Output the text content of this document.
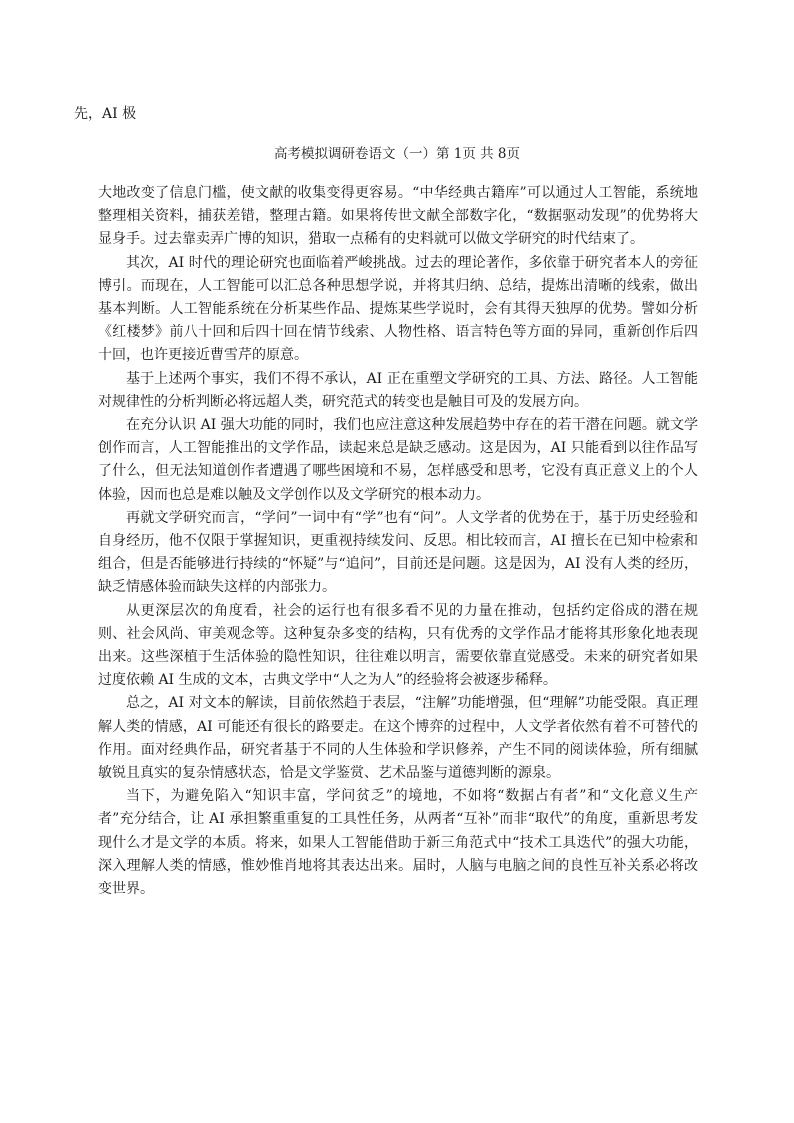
先，AI 极

高考模拟调研卷语文（一）第 1页 共 8页

大地改变了信息门槛，使文献的收集变得更容易。“中华经典古籍库”可以通过人工智能，系统地整理相关资料，捕获差错，整理古籍。如果将传世文献全部数字化，“数据驱动发现”的优势将大显身手。过去靠卖弄广博的知识，猎取一点稀有的史料就可以做文学研究的时代结束了。

其次，AI 时代的理论研究也面临着严峻挑战。过去的理论著作，多依靠于研究者本人的旁征博引。而现在，人工智能可以汇总各种思想学说，并将其归纳、总结，提炼出清晰的线索，做出基本判断。人工智能系统在分析某些作品、提炼某些学说时，会有其得天独厚的优势。譬如分析《红楼梦》前八十回和后四十回在情节线索、人物性格、语言特色等方面的异同，重新创作后四十回，也许更接近曹雪芹的原意。

基于上述两个事实，我们不得不承认，AI 正在重塑文学研究的工具、方法、路径。人工智能对规律性的分析判断必将远超人类，研究范式的转变也是触目可及的发展方向。

在充分认识 AI 强大功能的同时，我们也应注意这种发展趋势中存在的若干潜在问题。就文学创作而言，人工智能推出的文学作品，读起来总是缺乏感动。这是因为，AI 只能看到以往作品写了什么，但无法知道创作者遭遇了哪些困境和不易，怎样感受和思考，它没有真正意义上的个人体验，因而也总是难以触及文学创作以及文学研究的根本动力。

再就文学研究而言，“学问”一词中有“学”也有“问”。人文学者的优势在于，基于历史经验和自身经历，他不仅限于掌握知识，更重视持续发问、反思。相比较而言，AI 擅长在已知中检索和组合，但是否能够进行持续的“怀疑”与“追问”，目前还是问题。这是因为，AI 没有人类的经历，缺乏情感体验而缺失这样的内部张力。

从更深层次的角度看，社会的运行也有很多看不见的力量在推动，包括约定俗成的潜在规则、社会风尚、审美观念等。这种复杂多变的结构，只有优秀的文学作品才能将其形象化地表现出来。这些深植于生活体验的隐性知识，往往难以明言，需要依靠直觉感受。未来的研究者如果过度依赖 AI 生成的文本，古典文学中“人之为人”的经验将会被逐步稀释。

总之，AI 对文本的解读，目前依然趋于表层，“注解”功能增强，但“理解”功能受限。真正理解人类的情感，AI 可能还有很长的路要走。在这个博弈的过程中，人文学者依然有着不可替代的作用。面对经典作品，研究者基于不同的人生体验和学识修养，产生不同的阅读体验，所有细腻敏锐且真实的复杂情感状态，恰是文学鉴赏、艺术品鉴与道德判断的源泉。

当下，为避免陷入“知识丰富，学问贫乏”的境地，不如将“数据占有者”和“文化意义生产者”充分结合，让 AI 承担繁重重复的工具性任务，从两者“互补”而非“取代”的角度，重新思考发现什么才是文学的本质。将来，如果人工智能借助于新三角范式中“技术工具迭代”的强大功能，深入理解人类的情感，惟妙惟肖地将其表达出来。届时，人脑与电脑之间的良性互补关系必将改变世界。
